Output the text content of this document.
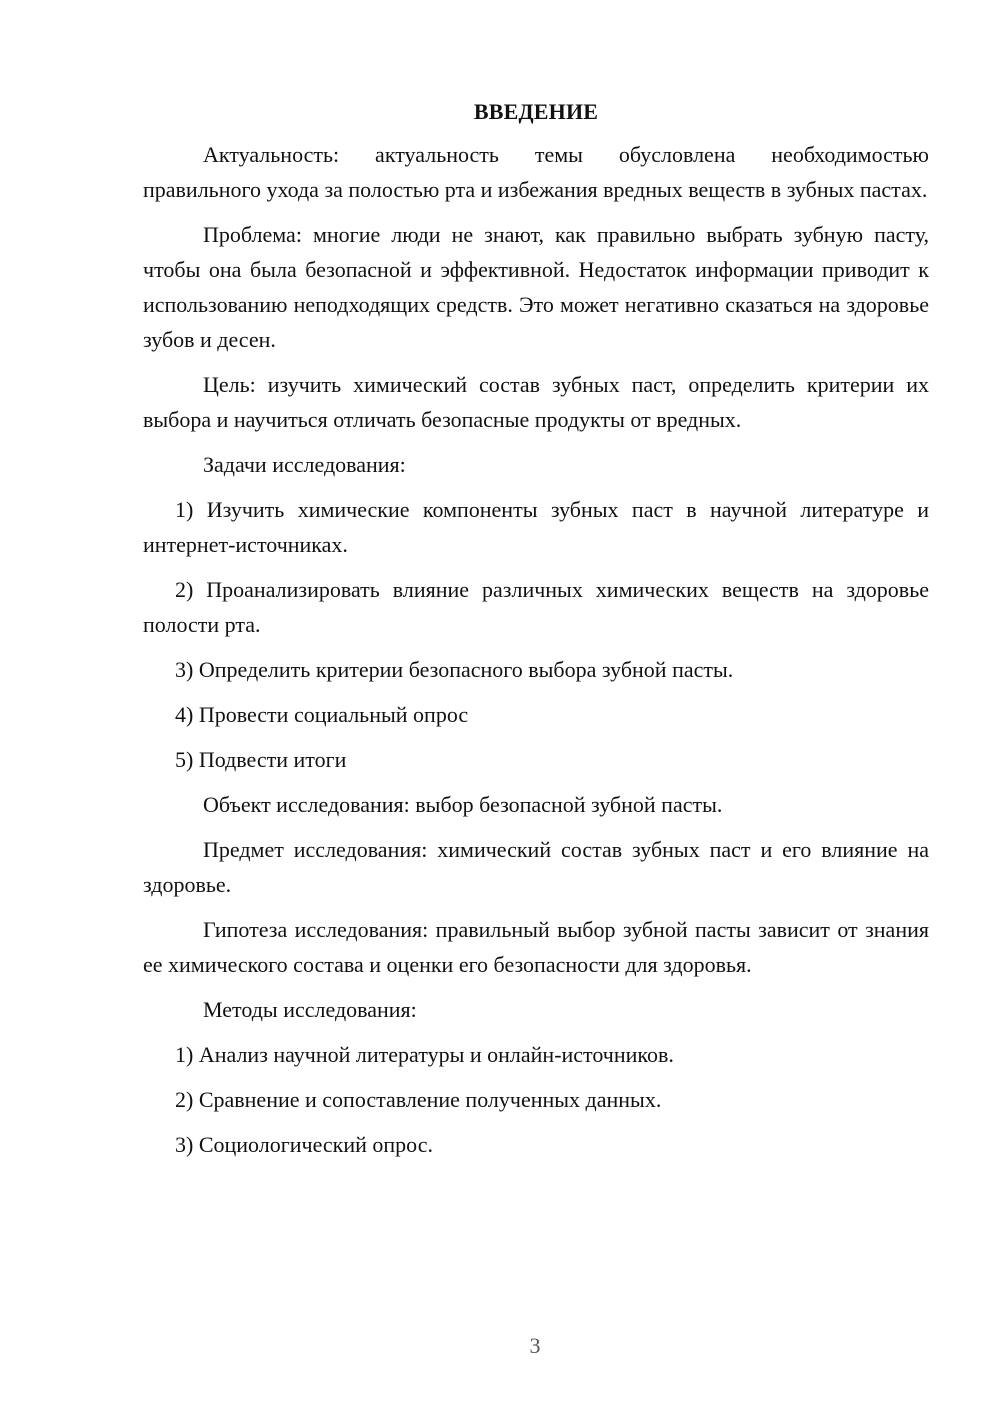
ВВЕДЕНИЕ

Актуальность: актуальность темы обусловлена необходимостью правильного ухода за полостью рта и избежания вредных веществ в зубных пастах.

Проблема: многие люди не знают, как правильно выбрать зубную пасту, чтобы она была безопасной и эффективной. Недостаток информации приводит к использованию неподходящих средств. Это может негативно сказаться на здоровье зубов и десен.

Цель: изучить химический состав зубных паст, определить критерии их выбора и научиться отличать безопасные продукты от вредных.

Задачи исследования:

1) Изучить химические компоненты зубных паст в научной литературе и интернет-источниках.

2) Проанализировать влияние различных химических веществ на здоровье полости рта.

3) Определить критерии безопасного выбора зубной пасты.

4) Провести социальный опрос

5) Подвести итоги

Объект исследования: выбор безопасной зубной пасты.

Предмет исследования: химический состав зубных паст и его влияние на здоровье.

Гипотеза исследования: правильный выбор зубной пасты зависит от знания ее химического состава и оценки его безопасности для здоровья.

Методы исследования:

1) Анализ научной литературы и онлайн-источников.

2) Сравнение и сопоставление полученных данных.

3) Социологический опрос.

3
